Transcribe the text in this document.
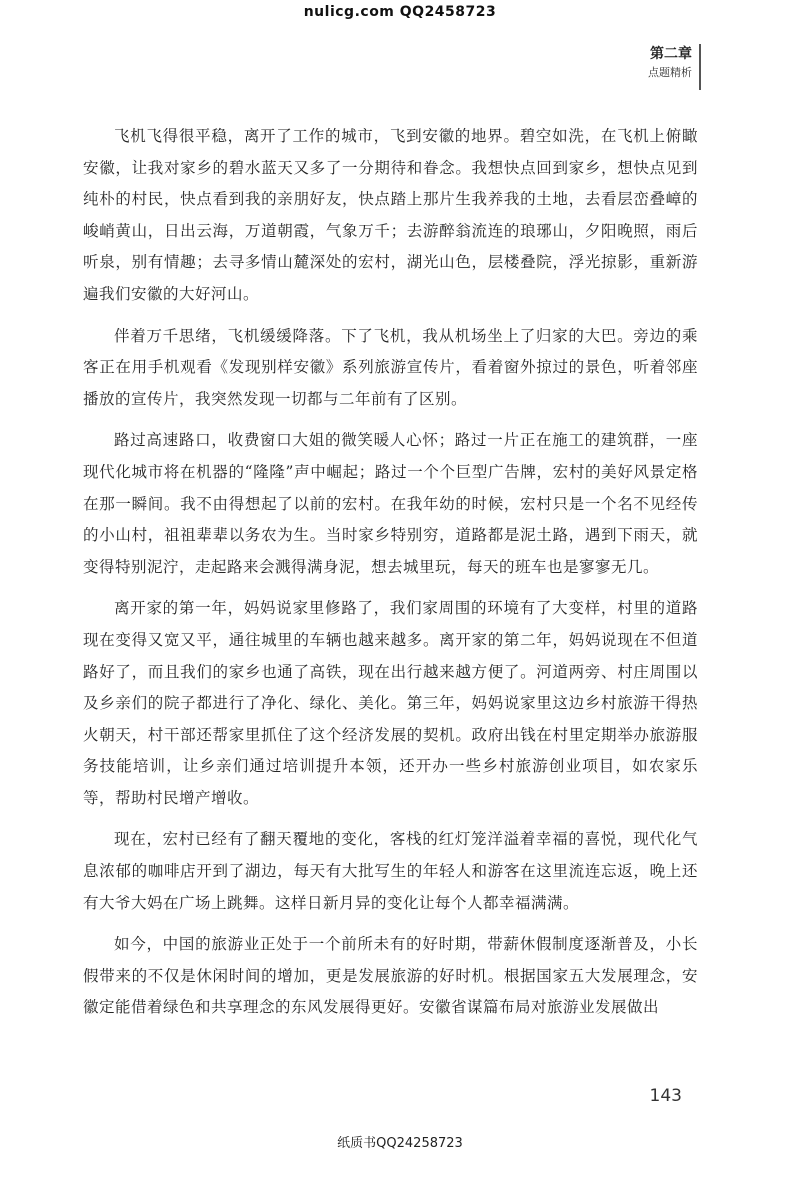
nulicg.com QQ2458723
第二章
点题精析

飞机飞得很平稳，离开了工作的城市，飞到安徽的地界。碧空如洗，在飞机上俯瞰安徽，让我对家乡的碧水蓝天又多了一分期待和眷念。我想快点回到家乡，想快点见到纯朴的村民，快点看到我的亲朋好友，快点踏上那片生我养我的土地，去看层峦叠嶂的峻峭黄山，日出云海，万道朝霞，气象万千；去游醉翁流连的琅琊山，夕阳晚照，雨后听泉，别有情趣；去寻多情山麓深处的宏村，湖光山色，层楼叠院，浮光掠影，重新游遍我们安徽的大好河山。

伴着万千思绪，飞机缓缓降落。下了飞机，我从机场坐上了归家的大巴。旁边的乘客正在用手机观看《发现别样安徽》系列旅游宣传片，看着窗外掠过的景色，听着邻座播放的宣传片，我突然发现一切都与二年前有了区别。

路过高速路口，收费窗口大姐的微笑暖人心怀；路过一片正在施工的建筑群，一座现代化城市将在机器的“隆隆”声中崛起；路过一个个巨型广告牌，宏村的美好风景定格在那一瞬间。我不由得想起了以前的宏村。在我年幼的时候，宏村只是一个名不见经传的小山村，祖祖辈辈以务农为生。当时家乡特别穷，道路都是泥土路，遇到下雨天，就变得特别泥泞，走起路来会溅得满身泥，想去城里玩，每天的班车也是寥寥无几。

离开家的第一年，妈妈说家里修路了，我们家周围的环境有了大变样，村里的道路现在变得又宽又平，通往城里的车辆也越来越多。离开家的第二年，妈妈说现在不但道路好了，而且我们的家乡也通了高铁，现在出行越来越方便了。河道两旁、村庄周围以及乡亲们的院子都进行了净化、绿化、美化。第三年，妈妈说家里这边乡村旅游干得热火朝天，村干部还帮家里抓住了这个经济发展的契机。政府出钱在村里定期举办旅游服务技能培训，让乡亲们通过培训提升本领，还开办一些乡村旅游创业项目，如农家乐等，帮助村民增产增收。

现在，宏村已经有了翻天覆地的变化，客栈的红灯笼洋溢着幸福的喜悦，现代化气息浓郁的咖啡店开到了湖边，每天有大批写生的年轻人和游客在这里流连忘返，晚上还有大爷大妈在广场上跳舞。这样日新月异的变化让每个人都幸福满满。

如今，中国的旅游业正处于一个前所未有的好时期，带薪休假制度逐渐普及，小长假带来的不仅是休闲时间的增加，更是发展旅游的好时机。根据国家五大发展理念，安徽定能借着绿色和共享理念的东风发展得更好。安徽省谋篇布局对旅游业发展做出

143
纸质书QQ24258723
